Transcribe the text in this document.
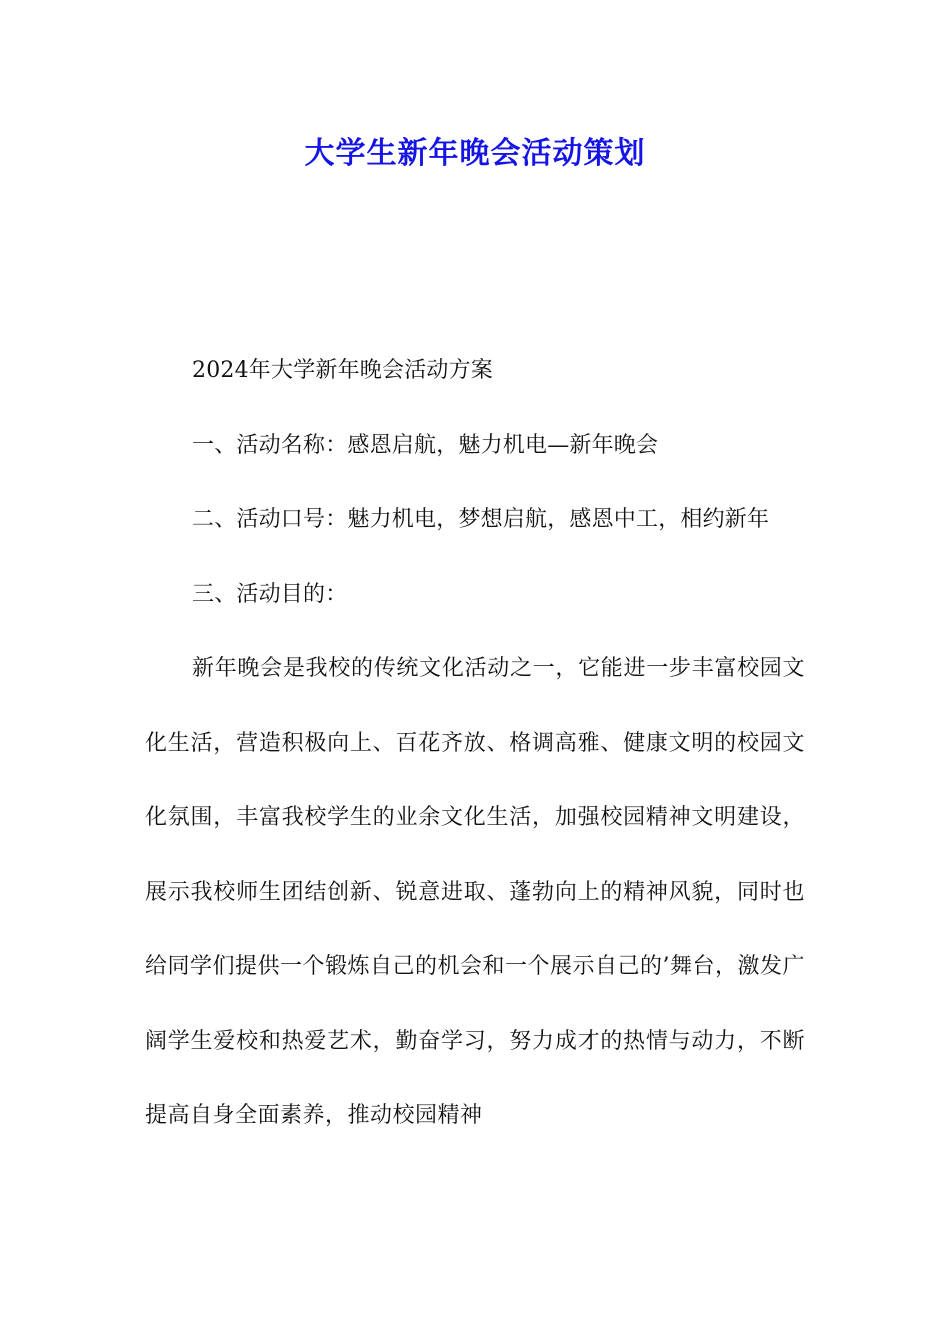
大学生新年晚会活动策划

2024年大学新年晚会活动方案

一、活动名称：感恩启航，魅力机电—新年晚会

二、活动口号：魅力机电，梦想启航，感恩中工，相约新年

三、活动目的：

新年晚会是我校的传统文化活动之一，它能进一步丰富校园文化生活，营造积极向上、百花齐放、格调高雅、健康文明的校园文化氛围，丰富我校学生的业余文化生活，加强校园精神文明建设，展示我校师生团结创新、锐意进取、蓬勃向上的精神风貌，同时也给同学们提供一个锻炼自己的机会和一个展示自己的’舞台，激发广阔学生爱校和热爱艺术，勤奋学习，努力成才的热情与动力，不断提高自身全面素养，推动校园精神
